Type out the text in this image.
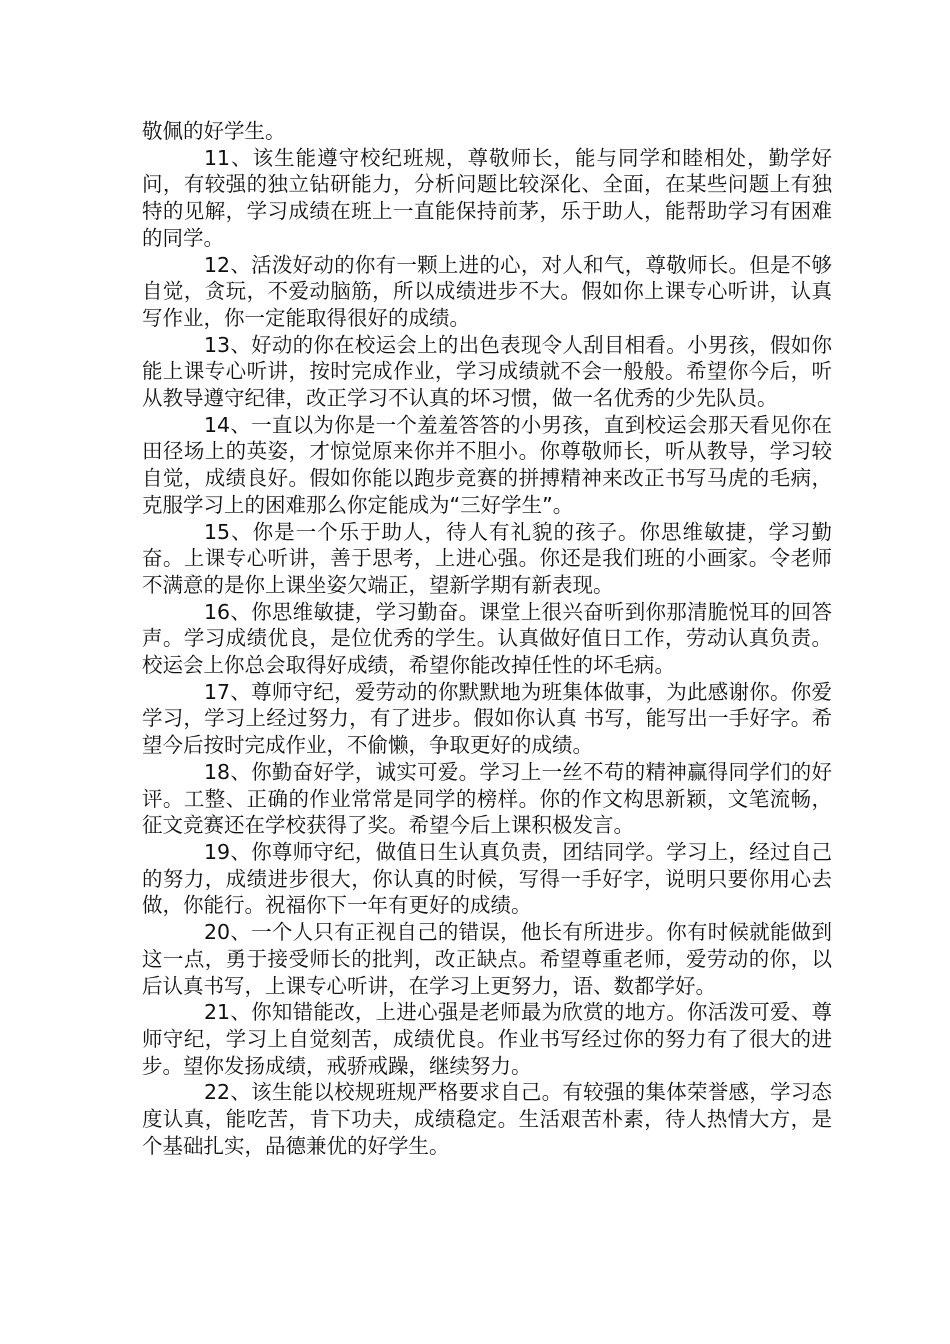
敬佩的好学生。

11、该生能遵守校纪班规，尊敬师长，能与同学和睦相处，勤学好问，有较强的独立钻研能力，分析问题比较深化、全面，在某些问题上有独特的见解，学习成绩在班上一直能保持前茅，乐于助人，能帮助学习有困难的同学。

12、活泼好动的你有一颗上进的心，对人和气，尊敬师长。但是不够自觉，贪玩，不爱动脑筋，所以成绩进步不大。假如你上课专心听讲，认真写作业，你一定能取得很好的成绩。

13、好动的你在校运会上的出色表现令人刮目相看。小男孩，假如你能上课专心听讲，按时完成作业，学习成绩就不会一般般。希望你今后，听从教导遵守纪律，改正学习不认真的坏习惯，做一名优秀的少先队员。

14、一直以为你是一个羞羞答答的小男孩，直到校运会那天看见你在田径场上的英姿，才惊觉原来你并不胆小。你尊敬师长，听从教导，学习较自觉，成绩良好。假如你能以跑步竞赛的拼搏精神来改正书写马虎的毛病，克服学习上的困难那么你定能成为“三好学生”。

15、你是一个乐于助人，待人有礼貌的孩子。你思维敏捷，学习勤奋。上课专心听讲，善于思考，上进心强。你还是我们班的小画家。令老师不满意的是你上课坐姿欠端正，望新学期有新表现。

16、你思维敏捷，学习勤奋。课堂上很兴奋听到你那清脆悦耳的回答声。学习成绩优良，是位优秀的学生。认真做好值日工作，劳动认真负责。校运会上你总会取得好成绩，希望你能改掉任性的坏毛病。

17、尊师守纪，爱劳动的你默默地为班集体做事，为此感谢你。你爱学习，学习上经过努力，有了进步。假如你认真 书写，能写出一手好字。希望今后按时完成作业，不偷懒，争取更好的成绩。

18、你勤奋好学，诚实可爱。学习上一丝不苟的精神赢得同学们的好评。工整、正确的作业常常是同学的榜样。你的作文构思新颖，文笔流畅，征文竞赛还在学校获得了奖。希望今后上课积极发言。

19、你尊师守纪，做值日生认真负责，团结同学。学习上，经过自己的努力，成绩进步很大，你认真的时候，写得一手好字，说明只要你用心去做，你能行。祝福你下一年有更好的成绩。

20、一个人只有正视自己的错误，他长有所进步。你有时候就能做到这一点，勇于接受师长的批判，改正缺点。希望尊重老师，爱劳动的你，以后认真书写，上课专心听讲，在学习上更努力，语、数都学好。

21、你知错能改，上进心强是老师最为欣赏的地方。你活泼可爱、尊师守纪，学习上自觉刻苦，成绩优良。作业书写经过你的努力有了很大的进步。望你发扬成绩，戒骄戒躁，继续努力。

22、该生能以校规班规严格要求自己。有较强的集体荣誉感，学习态度认真，能吃苦，肯下功夫，成绩稳定。生活艰苦朴素，待人热情大方，是个基础扎实，品德兼优的好学生。
